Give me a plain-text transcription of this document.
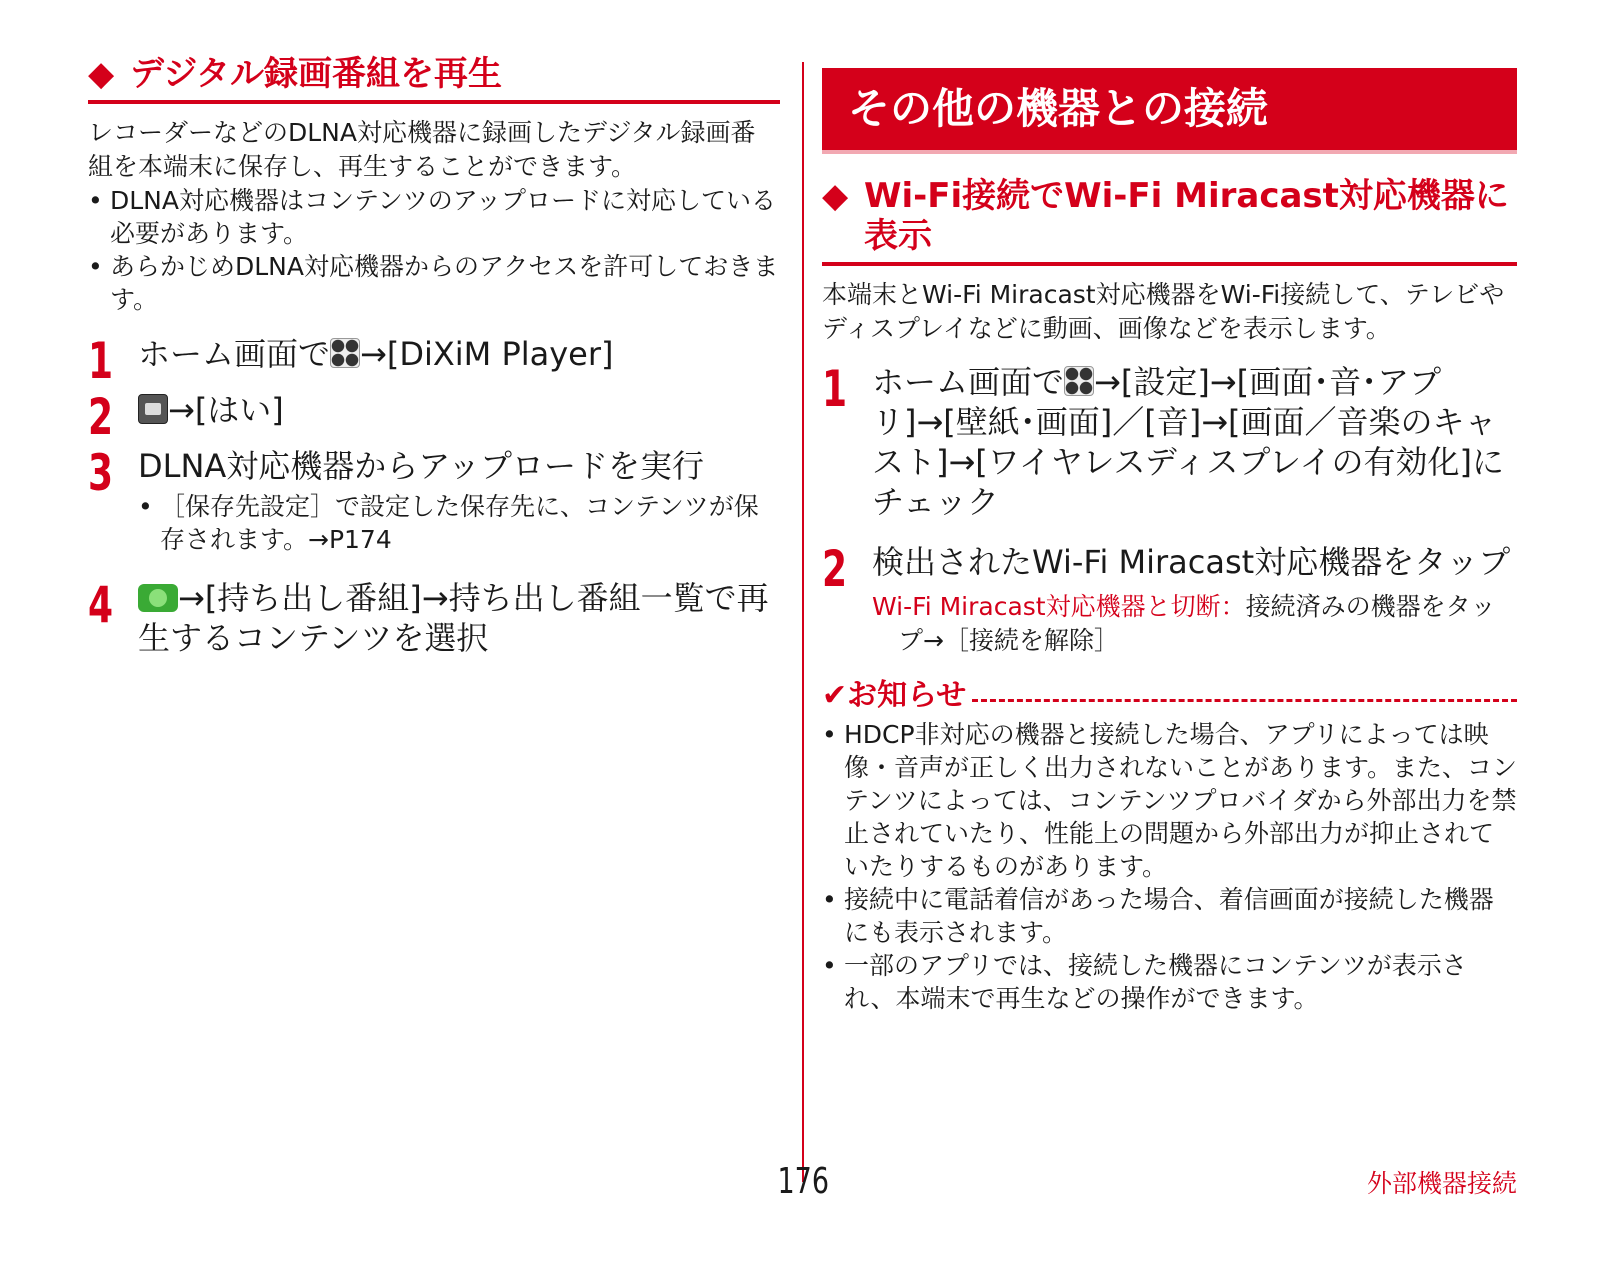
◆ デジタル録画番組を再生

レコーダーなどのDLNA対応機器に録画したデジタル録画番組を本端末に保存し、再生することができます。

• DLNA対応機器はコンテンツのアップロードに対応している必要があります。
• あらかじめDLNA対応機器からのアクセスを許可しておきます。
1 ホーム画面で →[DiXiM Player]
2	→[はい]
3 DLNA対応機器からアップロードを実行
• ［保存先設定］で設定した保存先に、コンテンツが保存されます。→P174
4	→[持ち出し番組]→持ち出し番組一覧で再生するコンテンツを選択
その他の機器との接続
◆ Wi-Fi接続でWi-Fi Miracast対応機器に表示

本端末とWi-Fi Miracast対応機器をWi-Fi接続して、テレビやディスプレイなどに動画、画像などを表示します。

1 ホーム画面で →[設定]→[画面･音･アプリ]→[壁紙･画面]／[音]→[画面／音楽のキャスト]→[ワイヤレスディスプレイの有効化]にチェック
2 検出されたWi-Fi Miracast対応機器をタップ
Wi-Fi Miracast対応機器と切断：接続済みの機器をタップ→［接続を解除］
✔ お知らせ
• HDCP非対応の機器と接続した場合、アプリによっては映像・音声が正しく出力されないことがあります。また、コンテンツによっては、コンテンツプロバイダから外部出力を禁止されていたり、性能上の問題から外部出力が抑止されていたりするものがあります。
• 接続中に電話着信があった場合、着信画面が接続した機器にも表示されます。
• 一部のアプリでは、接続した機器にコンテンツが表示され、本端末で再生などの操作ができます。
176	外部機器接続
